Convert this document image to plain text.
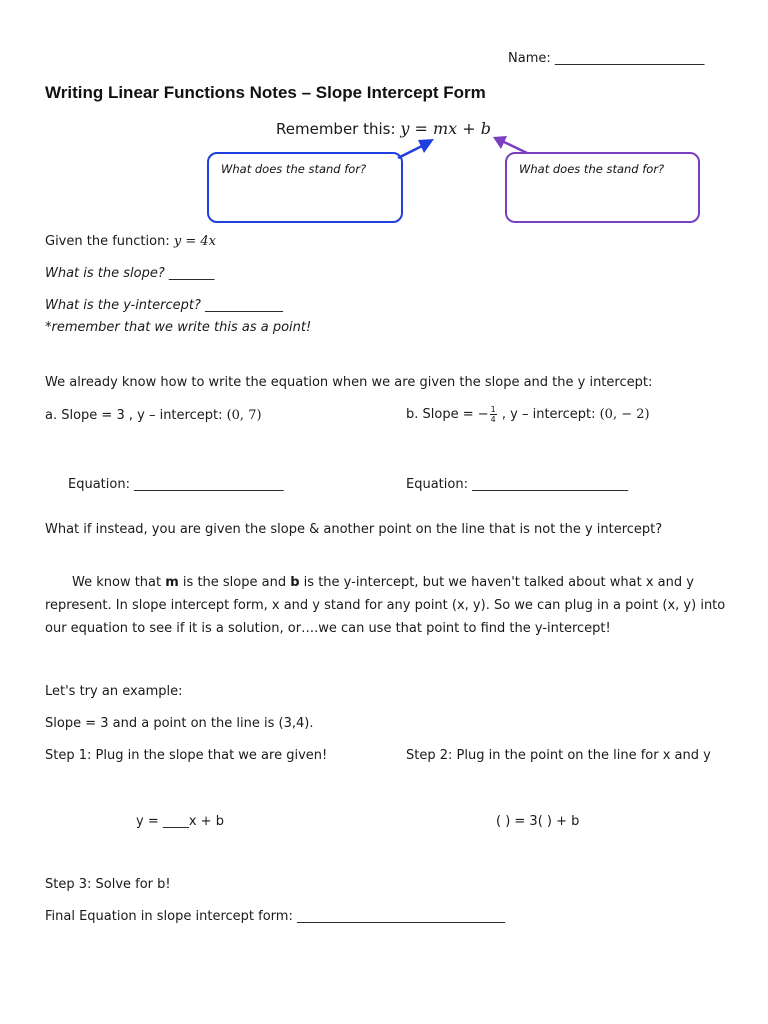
Name: _______________________
Writing Linear Functions Notes – Slope Intercept Form
Remember this: y = mx + b
What does the stand for?	What does the stand for?
Given the function: y = 4x
What is the slope? _______
What is the y-intercept? ____________
*remember that we write this as a point!
We already know how to write the equation when we are given the slope and the y intercept:
a. Slope = 3 , y – intercept: (0, 7)	b. Slope = − $\frac{1}{4}$ , y – intercept: (0, − 2)
Equation: _______________________	Equation: ________________________
What if instead, you are given the slope & another point on the line that is not the y intercept?
We know that m is the slope and b is the y-intercept, but we haven't talked about what x and y represent. In slope intercept form, x and y stand for any point (x, y). So we can plug in a point (x, y) into our equation to see if it is a solution, or….we can use that point to find the y-intercept!
Let's try an example:
Slope = 3 and a point on the line is (3,4).
Step 1: Plug in the slope that we are given!	Step 2: Plug in the point on the line for x and y
y = ____x + b	( ) = 3( ) + b
Step 3: Solve for b!
Final Equation in slope intercept form: ________________________________
